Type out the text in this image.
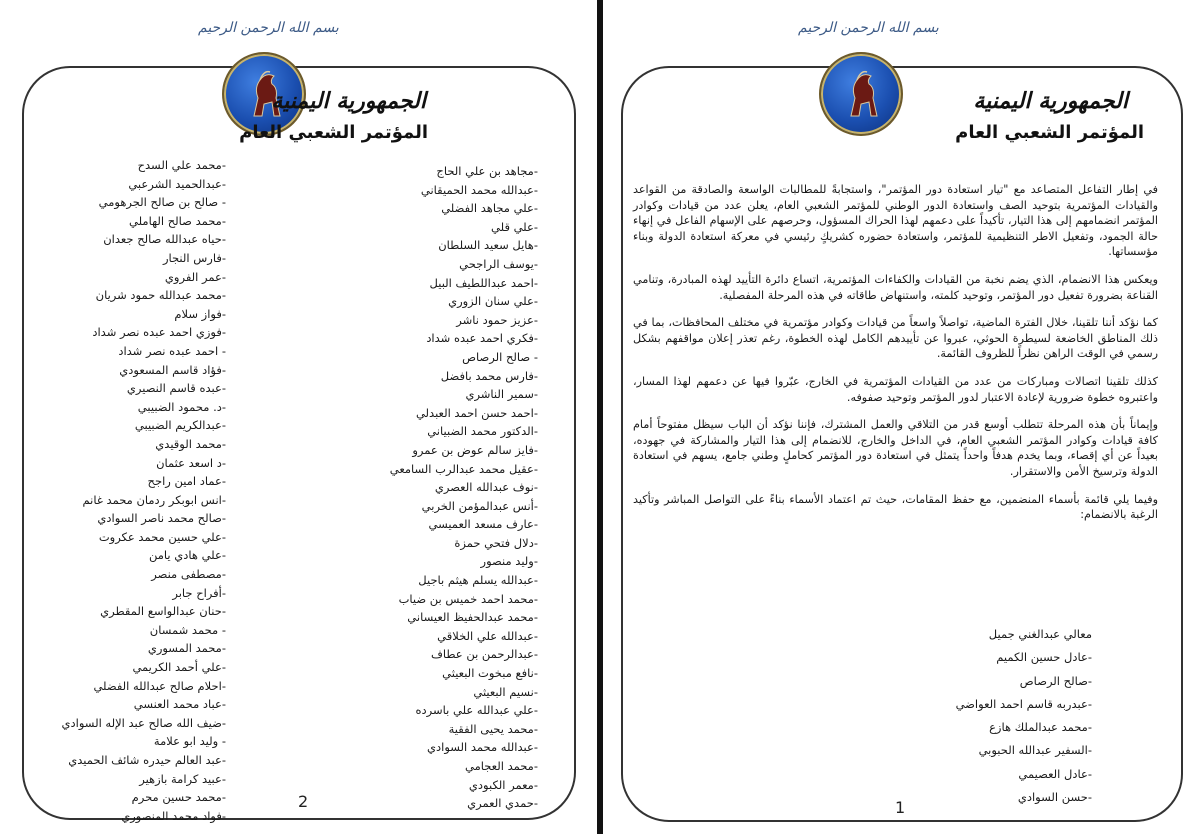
بسم الله الرحمن الرحيم
الجمهورية اليمنية
المؤتمر الشعبي العام
-محمد علي السدح
-عبدالحميد الشرعبي
- صالح بن صالح الجرهومي
-محمد صالح الهاملي
-حياه عبدالله صالح جعدان
-فارس النجار
-عمر الفروي
-محمد عبدالله حمود شريان
-فواز سلام
-فوزي احمد عبده نصر شداد
- احمد عبده نصر شداد
-فؤاد قاسم المسعودي
-عبده قاسم النصيري
-د. محمود الضبيبي
-عبدالكريم الضبيبي
-محمد الوقيدي
-د اسعد عثمان
-عماد امين راجح
-انس ابوبكر ردمان محمد غانم
-صالح محمد ناصر السوادي
-علي حسين محمد عكروت
-علي هادي يامن
-مصطفى منصر
-أفراح جابر
-حنان عبدالواسع المقطري
- محمد شمسان
-محمد المسوري
-علي أحمد الكريمي
-احلام صالح عبدالله الفضلي
-عباد محمد العنسي
-ضيف الله صالح عبد الإله السوادي
- وليد ابو علامة
-عبد العالم حيدره شائف الحميدي
-عبيد كرامة بازهير
-محمد حسين محرم
-فواد محمد المنصوري
-مجاهد بن علي الحاج
-عبدالله محمد الحميقاني
-علي مجاهد الفضلي
-علي قلي
-هايل سعيد السلطان
-يوسف الراجحي
-احمد عبداللطيف البيل
-علي سنان الزوري
-عزيز حمود ناشر
-فكري احمد عبده شداد
- صالح الرصاص
-فارس محمد بافضل
-سمير الناشري
-احمد حسن احمد العبدلي
-الدكتور محمد الضبياني
-فايز سالم عوض بن عمرو
-عقيل محمد عبدالرب السامعي
-نوف عبدالله العصري
-أنس عبدالمؤمن الخربي
-عارف مسعد العميسي
-دلال فتحي حمزة
-وليد منصور
-عبدالله يسلم هيثم باجيل
-محمد احمد خميس بن ضياب
-محمد عبدالحفيظ العيساني
-عبدالله علي الخلاقي
-عبدالرحمن بن عطاف
-نافع مبخوت البعيثي
-نسيم البعيثي
-علي عبدالله علي باسرده
-محمد يحيى الفقية
-عبدالله محمد السوادي
-محمد العجامي
-معمر الكبودي
-حمدي العمري
2
بسم الله الرحمن الرحيم
الجمهورية اليمنية
المؤتمر الشعبي العام

في إطار التفاعل المتصاعد مع "تيار استعادة دور المؤتمر"، واستجابةً للمطالبات الواسعة والصادقة من القواعد والقيادات المؤتمرية بتوحيد الصف واستعادة الدور الوطني للمؤتمر الشعبي العام، يعلن عدد من قيادات وكوادر المؤتمر انضمامهم إلى هذا التيار، تأكيداً على دعمهم لهذا الحراك المسؤول، وحرصهم على الإسهام الفاعل في إنهاء حالة الجمود، وتفعيل الاطر التنظيمية للمؤتمر، واستعادة حضوره كشريكٍ رئيسي في معركة استعادة الدولة وبناء مؤسساتها.

ويعكس هذا الانضمام، الذي يضم نخبة من القيادات والكفاءات المؤتمرية، اتساع دائرة التأييد لهذه المبادرة، وتنامي القناعة بضرورة تفعيل دور المؤتمر، وتوحيد كلمته، واستنهاض طاقاته في هذه المرحلة المفصلية.

كما نؤكد أننا تلقينا، خلال الفترة الماضية، تواصلاً واسعاً من قيادات وكوادر مؤتمرية في مختلف المحافظات، بما في ذلك المناطق الخاضعة لسيطرة الحوثي، عبروا عن تأييدهم الكامل لهذه الخطوة، رغم تعذر إعلان مواقفهم بشكل رسمي في الوقت الراهن نظراً للظروف القائمة.

كذلك تلقينا اتصالات ومباركات من عدد من القيادات المؤتمرية في الخارج، عبّروا فيها عن دعمهم لهذا المسار، واعتبروه خطوة ضرورية لإعادة الاعتبار لدور المؤتمر وتوحيد صفوفه.

وإيماناً بأن هذه المرحلة تتطلب أوسع قدر من التلاقي والعمل المشترك، فإننا نؤكد أن الباب سيظل مفتوحاً أمام كافة قيادات وكوادر المؤتمر الشعبي العام، في الداخل والخارج، للانضمام إلى هذا التيار والمشاركة في جهوده، بعيداً عن أي إقصاء، وبما يخدم هدفاً واحداً يتمثل في استعادة دور المؤتمر كحاملٍ وطني جامع، يسهم في استعادة الدولة وترسيخ الأمن والاستقرار.

وفيما يلي قائمة بأسماء المنضمين، مع حفظ المقامات، حيث تم اعتماد الأسماء بناءً على التواصل المباشر وتأكيد الرغبة بالانضمام:

معالي عبدالغني جميل
-عادل حسين الكميم
-صالح الرصاص
-عبدربه قاسم احمد العواضي
-محمد عبدالملك هازع
-السفير عبدالله الحبوبي
-عادل العصيمي
-حسن السوادي
1
